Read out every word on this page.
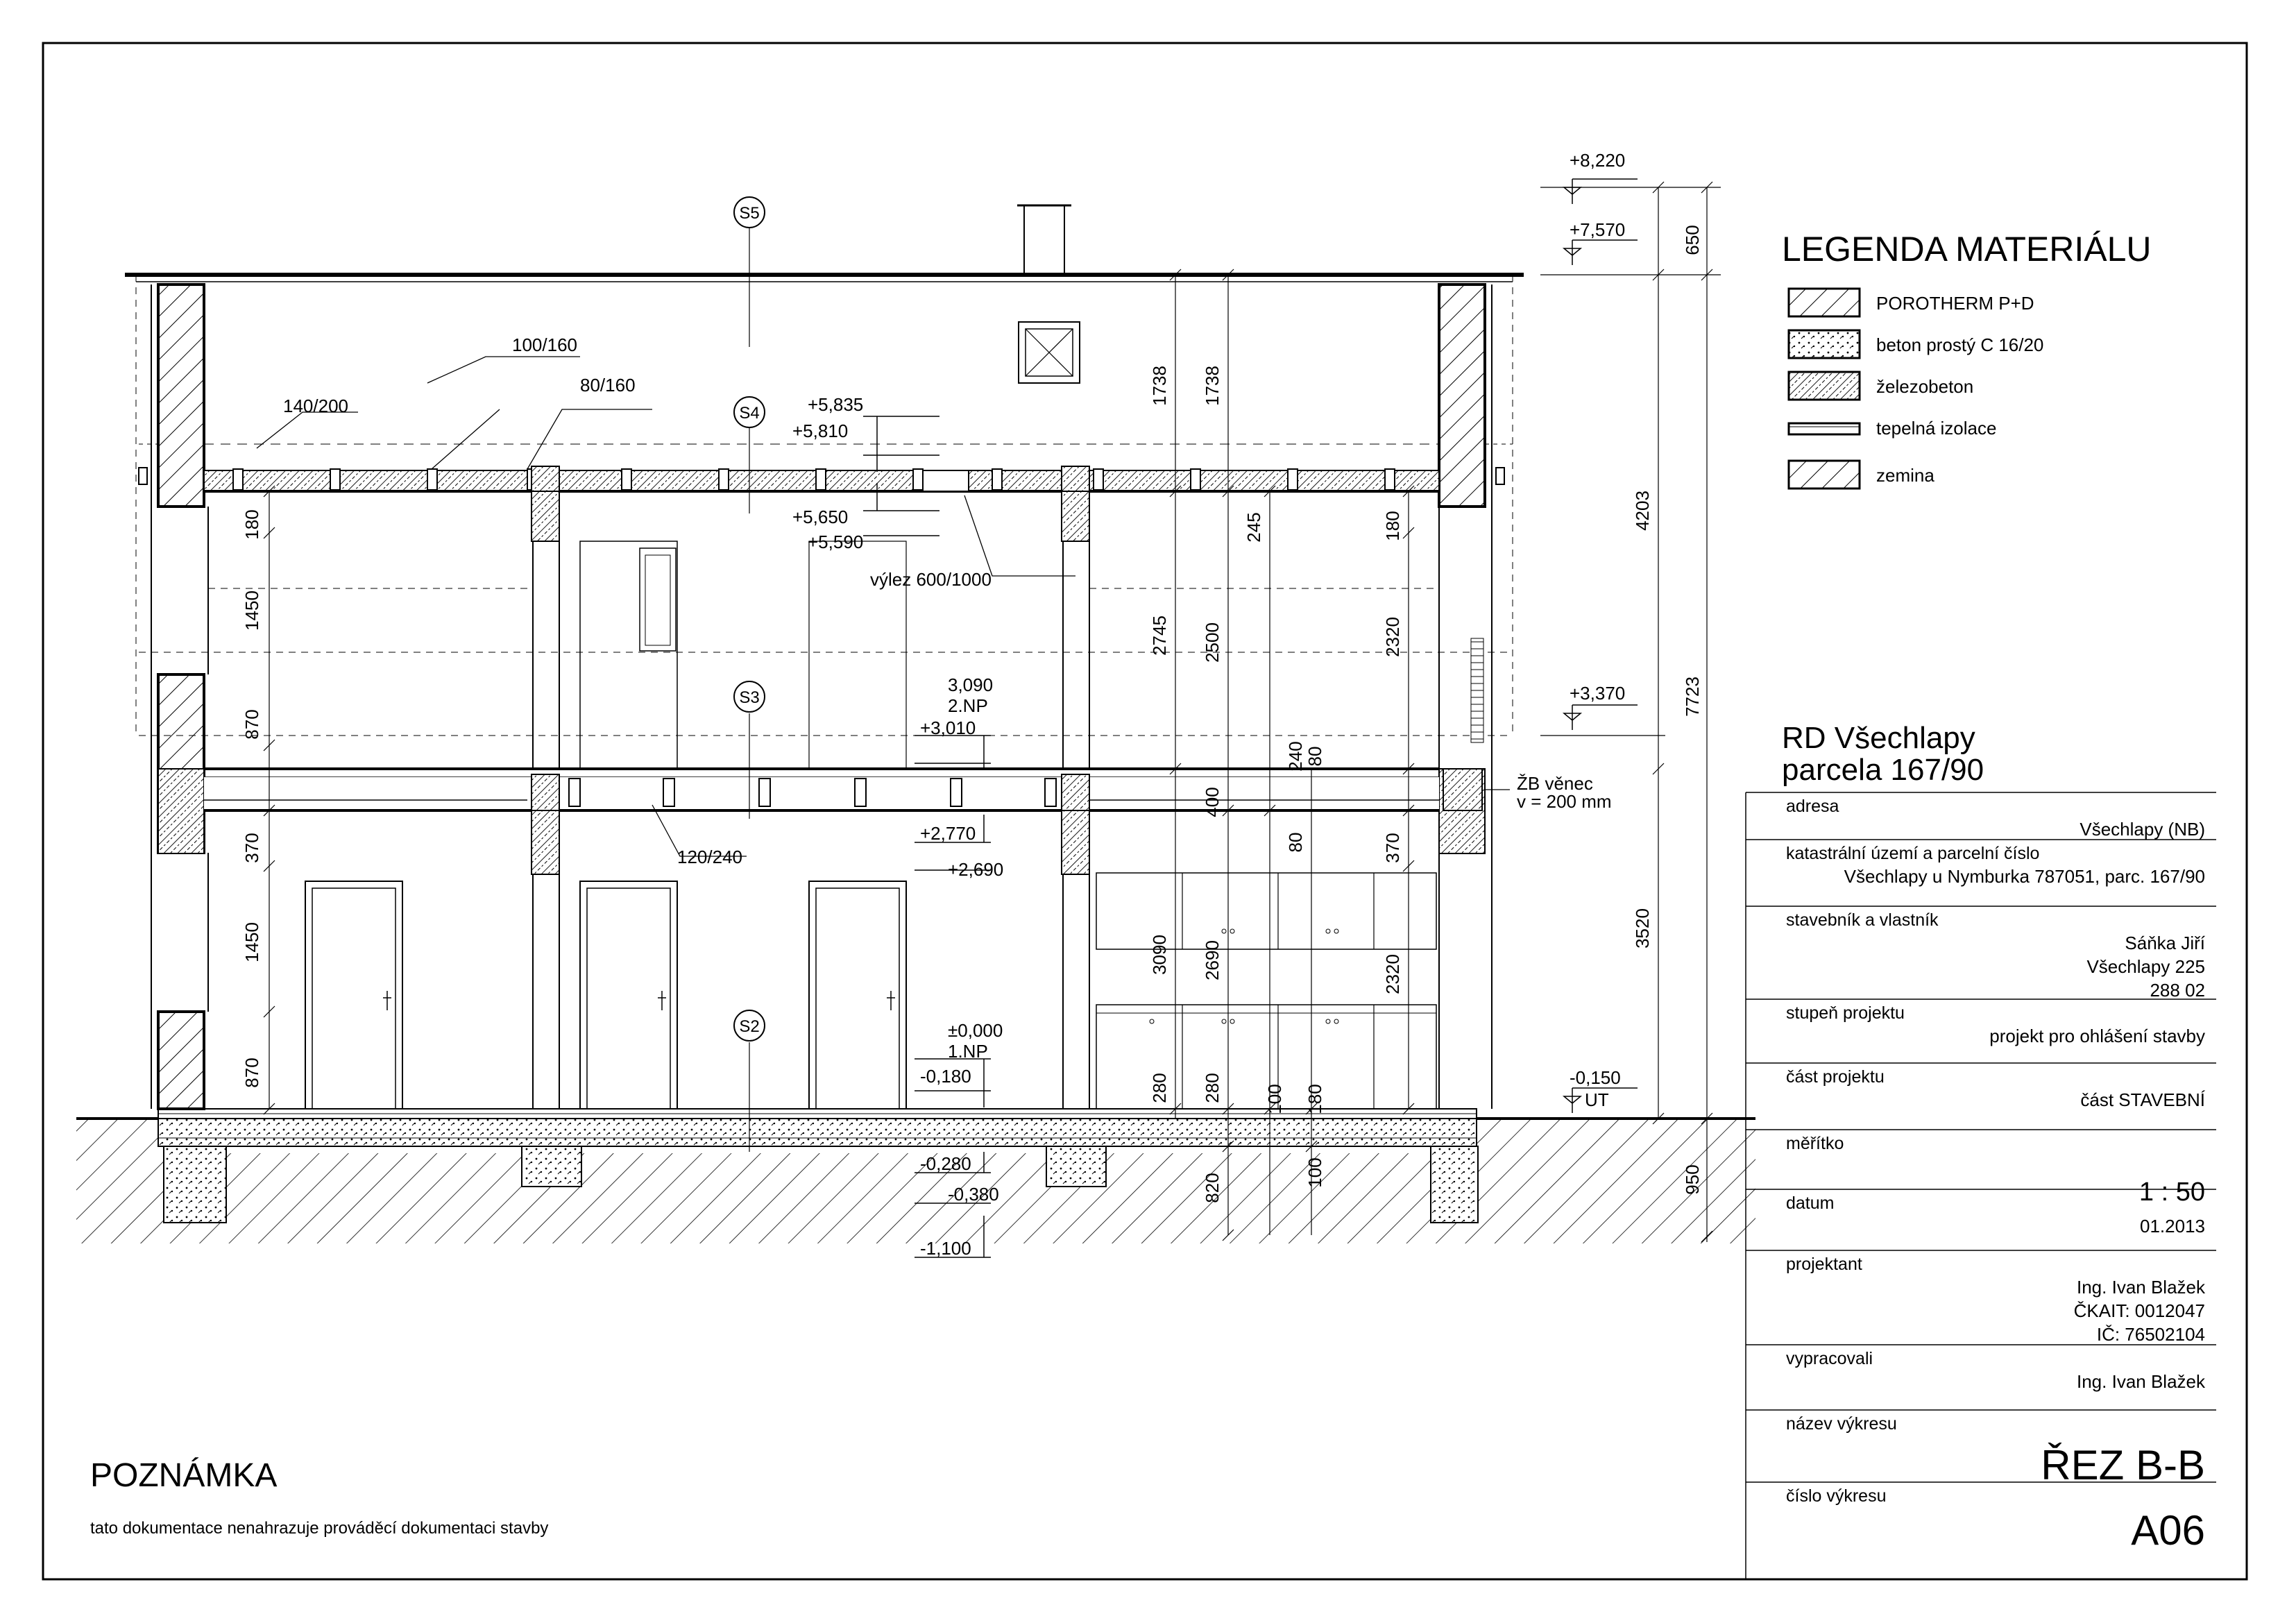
S5
S4
S3
S2
140/200
100/160
80/160
výlez 600/1000
120/240
ŽB věnec
v = 200 mm
+8,220
+7,570
+3,370
-0,150
UT
+5,835
+5,810
+5,650
+5,590
3,090
2.NP
+3,010
+2,770
+2,690
±0,000
1.NP
-0,180
-0,280
-0,380
-1,100
180
1450
870
370
1450
870
1738 1738
2745 2500
245
240
80
400
80
3090 2690
280 280 100 180
820
100
180
2320
370
2320
650
4203
7723
3520
950
LEGENDA MATERIÁLU
POROTHERM P+D
beton prostý C 16/20
železobeton
tepelná izolace
zemina
RD Všechlapy
parcela 167/90
adresa
Všechlapy (NB)
katastrální území a parcelní číslo
Všechlapy u Nymburka 787051, parc. 167/90
stavebník a vlastník
Sáňka Jiří
Všechlapy 225
288 02
stupeň projektu
projekt pro ohlášení stavby
část projektu
část STAVEBNÍ
měřítko
1 : 50
datum
01.2013
projektant
Ing. Ivan Blažek
ČKAIT: 0012047
IČ: 76502104
vypracovali
Ing. Ivan Blažek
název výkresu
ŘEZ B-B
číslo výkresu
A06
POZNÁMKA
tato dokumentace nenahrazuje prováděcí dokumentaci stavby
